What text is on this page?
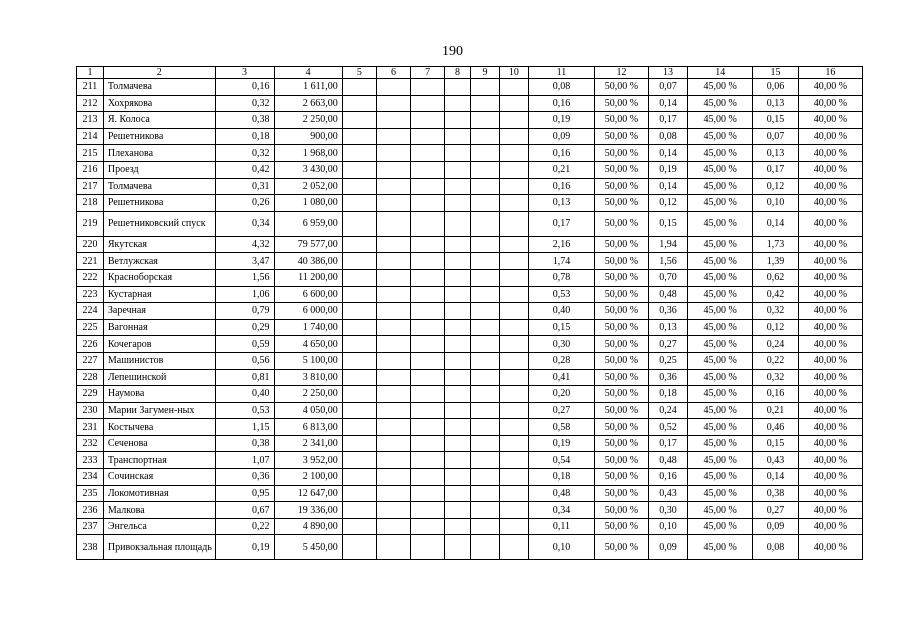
190
1	2	3	4	5	6	7	8	9	10	11	12	13	14	15	16
211	Толмачева	0,16	1 611,00							0,08	50,00 %	0,07	45,00 %	0,06	40,00 %
212	Хохрякова	0,32	2 663,00							0,16	50,00 %	0,14	45,00 %	0,13	40,00 %
213	Я. Колоса	0,38	2 250,00							0,19	50,00 %	0,17	45,00 %	0,15	40,00 %
214	Решетникова	0,18	900,00							0,09	50,00 %	0,08	45,00 %	0,07	40,00 %
215	Плеханова	0,32	1 968,00							0,16	50,00 %	0,14	45,00 %	0,13	40,00 %
216	Проезд	0,42	3 430,00							0,21	50,00 %	0,19	45,00 %	0,17	40,00 %
217	Толмачева	0,31	2 052,00							0,16	50,00 %	0,14	45,00 %	0,12	40,00 %
218	Решетникова	0,26	1 080,00							0,13	50,00 %	0,12	45,00 %	0,10	40,00 %
219	Решетниковский спуск	0,34	6 959,00							0,17	50,00 %	0,15	45,00 %	0,14	40,00 %
220	Якутская	4,32	79 577,00							2,16	50,00 %	1,94	45,00 %	1,73	40,00 %
221	Ветлужская	3,47	40 386,00							1,74	50,00 %	1,56	45,00 %	1,39	40,00 %
222	Красноборская	1,56	11 200,00							0,78	50,00 %	0,70	45,00 %	0,62	40,00 %
223	Кустарная	1,06	6 600,00							0,53	50,00 %	0,48	45,00 %	0,42	40,00 %
224	Заречная	0,79	6 000,00							0,40	50,00 %	0,36	45,00 %	0,32	40,00 %
225	Вагонная	0,29	1 740,00							0,15	50,00 %	0,13	45,00 %	0,12	40,00 %
226	Кочегаров	0,59	4 650,00							0,30	50,00 %	0,27	45,00 %	0,24	40,00 %
227	Машинистов	0,56	5 100,00							0,28	50,00 %	0,25	45,00 %	0,22	40,00 %
228	Лепешинской	0,81	3 810,00							0,41	50,00 %	0,36	45,00 %	0,32	40,00 %
229	Наумова	0,40	2 250,00							0,20	50,00 %	0,18	45,00 %	0,16	40,00 %
230	Марии Загумен-ных	0,53	4 050,00							0,27	50,00 %	0,24	45,00 %	0,21	40,00 %
231	Костычева	1,15	6 813,00							0,58	50,00 %	0,52	45,00 %	0,46	40,00 %
232	Сеченова	0,38	2 341,00							0,19	50,00 %	0,17	45,00 %	0,15	40,00 %
233	Транспортная	1,07	3 952,00							0,54	50,00 %	0,48	45,00 %	0,43	40,00 %
234	Сочинская	0,36	2 100,00							0,18	50,00 %	0,16	45,00 %	0,14	40,00 %
235	Локомотивная	0,95	12 647,00							0,48	50,00 %	0,43	45,00 %	0,38	40,00 %
236	Малкова	0,67	19 336,00							0,34	50,00 %	0,30	45,00 %	0,27	40,00 %
237	Энгельса	0,22	4 890,00							0,11	50,00 %	0,10	45,00 %	0,09	40,00 %
238	Привокзальная площадь	0,19	5 450,00							0,10	50,00 %	0,09	45,00 %	0,08	40,00 %
